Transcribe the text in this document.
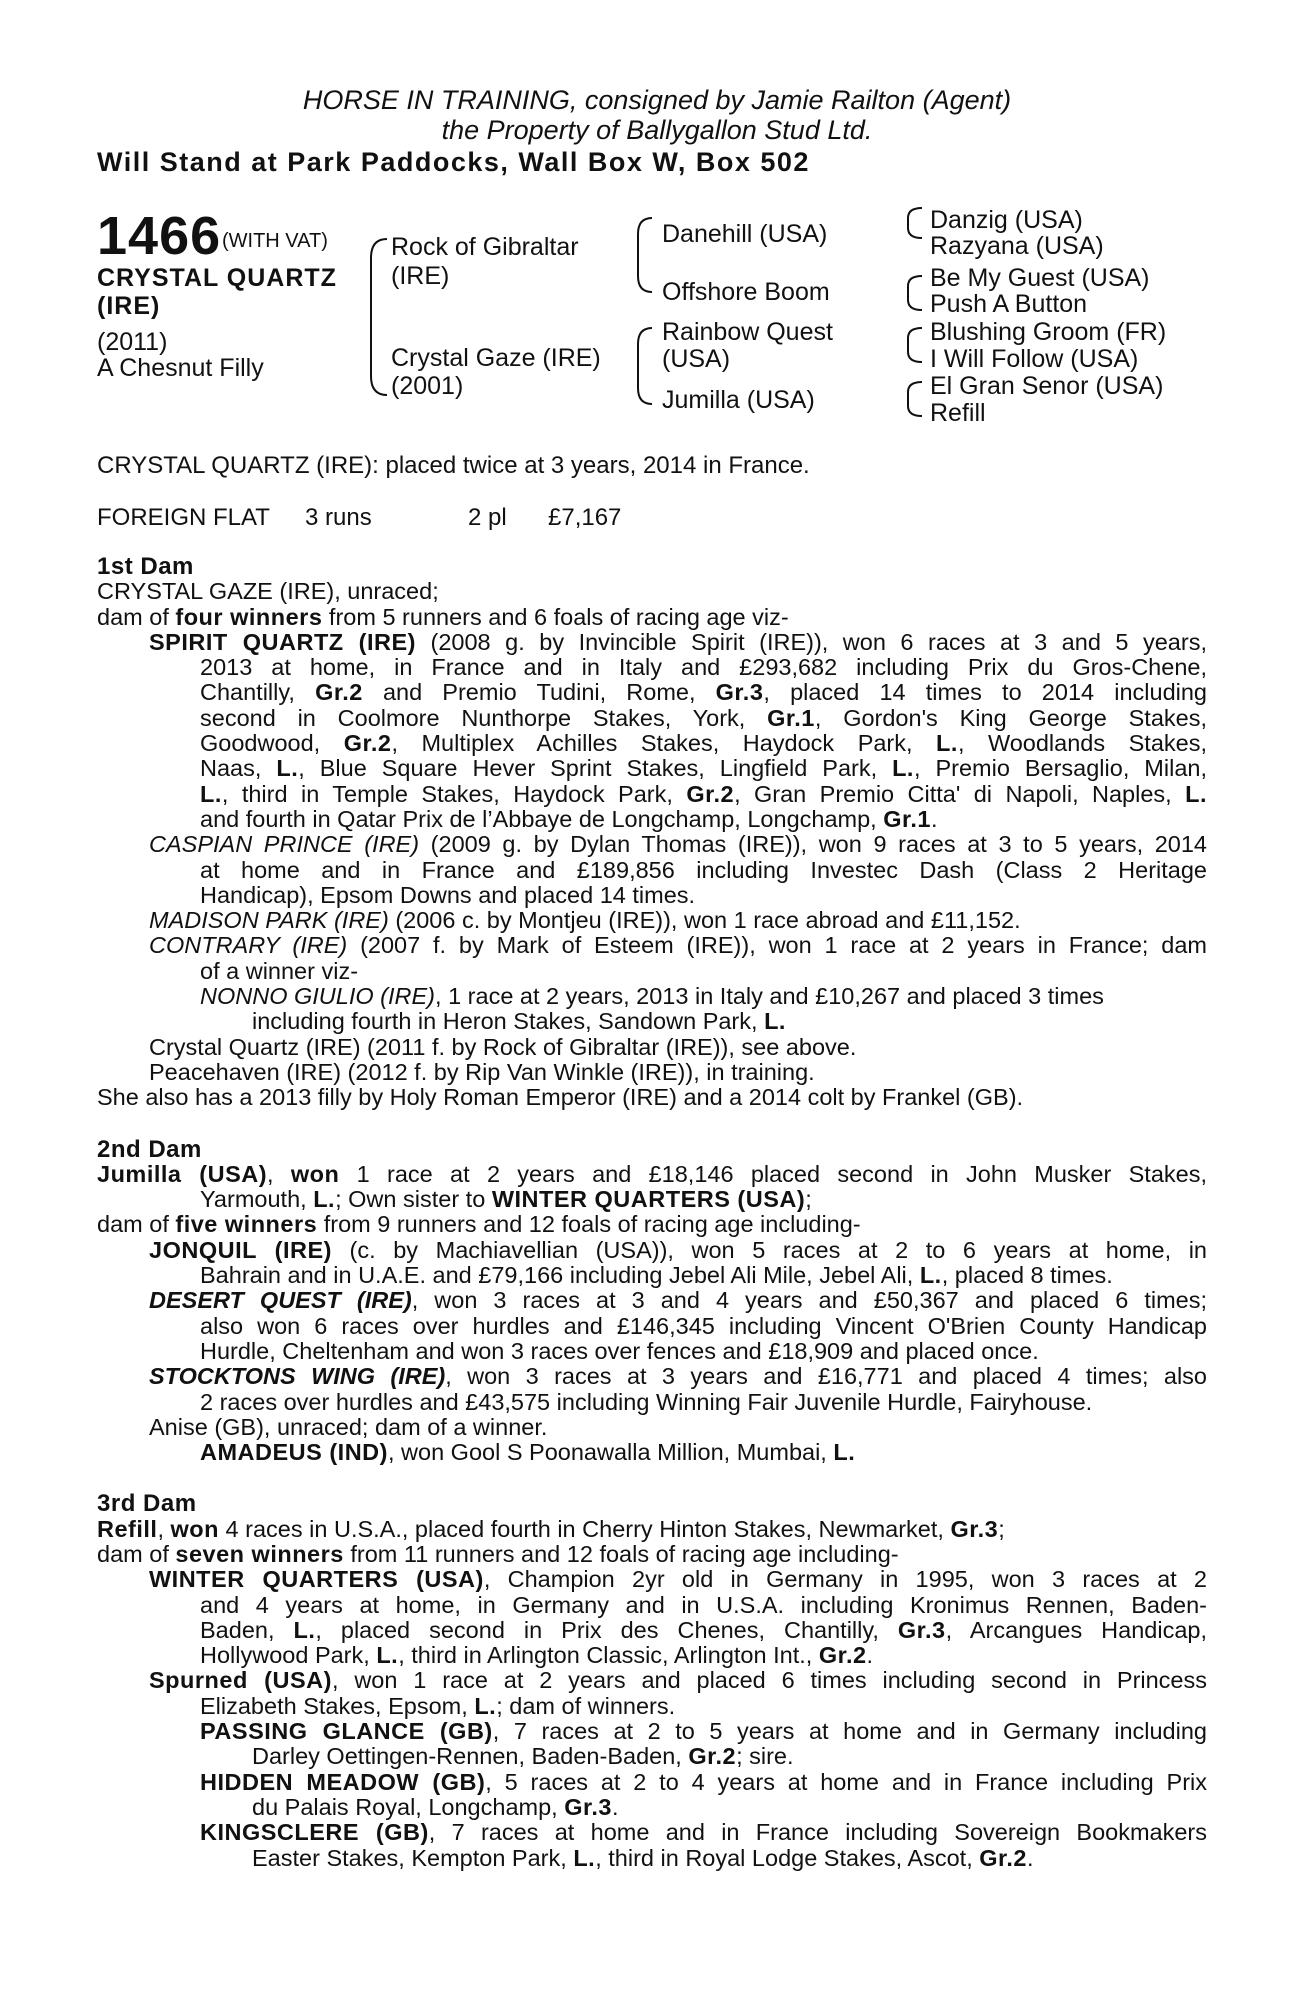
HORSE IN TRAINING, consigned by Jamie Railton (Agent)
the Property of Ballygallon Stud Ltd.
Will Stand at Park Paddocks, Wall Box W, Box 502
1466 (WITH VAT)
CRYSTAL QUARTZ
(IRE)
(2011)
A Chesnut Filly
Rock of Gibraltar
(IRE)
Crystal Gaze (IRE)
(2001)
Danehill (USA)
Offshore Boom
Rainbow Quest
(USA)
Jumilla (USA)
Danzig (USA)
Razyana (USA)
Be My Guest (USA)
Push A Button
Blushing Groom (FR)
I Will Follow (USA)
El Gran Senor (USA)
Refill
CRYSTAL QUARTZ (IRE): placed twice at 3 years, 2014 in France.
FOREIGN FLAT 3 runs	2 pl £7,167
1st Dam
CRYSTAL GAZE (IRE), unraced;
dam of four winners from 5 runners and 6 foals of racing age viz-
SPIRIT QUARTZ (IRE) (2008 g. by Invincible Spirit (IRE)), won 6 races at 3 and 5 years,
2013 at home, in France and in Italy and £293,682 including Prix du Gros-Chene,
Chantilly, Gr.2 and Premio Tudini, Rome, Gr.3, placed 14 times to 2014 including
second in Coolmore Nunthorpe Stakes, York, Gr.1, Gordon's King George Stakes,
Goodwood, Gr.2, Multiplex Achilles Stakes, Haydock Park, L., Woodlands Stakes,
Naas, L., Blue Square Hever Sprint Stakes, Lingfield Park, L., Premio Bersaglio, Milan,
L., third in Temple Stakes, Haydock Park, Gr.2, Gran Premio Citta' di Napoli, Naples, L.
and fourth in Qatar Prix de l’Abbaye de Longchamp, Longchamp, Gr.1.
CASPIAN PRINCE (IRE) (2009 g. by Dylan Thomas (IRE)), won 9 races at 3 to 5 years, 2014
at home and in France and £189,856 including Investec Dash (Class 2 Heritage
Handicap), Epsom Downs and placed 14 times.
MADISON PARK (IRE) (2006 c. by Montjeu (IRE)), won 1 race abroad and £11,152.
CONTRARY (IRE) (2007 f. by Mark of Esteem (IRE)), won 1 race at 2 years in France; dam
of a winner viz-
NONNO GIULIO (IRE), 1 race at 2 years, 2013 in Italy and £10,267 and placed 3 times
including fourth in Heron Stakes, Sandown Park, L.
Crystal Quartz (IRE) (2011 f. by Rock of Gibraltar (IRE)), see above.
Peacehaven (IRE) (2012 f. by Rip Van Winkle (IRE)), in training.
She also has a 2013 filly by Holy Roman Emperor (IRE) and a 2014 colt by Frankel (GB).
2nd Dam
Jumilla (USA), won 1 race at 2 years and £18,146 placed second in John Musker Stakes,
Yarmouth, L.; Own sister to WINTER QUARTERS (USA);
dam of five winners from 9 runners and 12 foals of racing age including-
JONQUIL (IRE) (c. by Machiavellian (USA)), won 5 races at 2 to 6 years at home, in
Bahrain and in U.A.E. and £79,166 including Jebel Ali Mile, Jebel Ali, L., placed 8 times.
DESERT QUEST (IRE), won 3 races at 3 and 4 years and £50,367 and placed 6 times;
also won 6 races over hurdles and £146,345 including Vincent O'Brien County Handicap
Hurdle, Cheltenham and won 3 races over fences and £18,909 and placed once.
STOCKTONS WING (IRE), won 3 races at 3 years and £16,771 and placed 4 times; also
2 races over hurdles and £43,575 including Winning Fair Juvenile Hurdle, Fairyhouse.
Anise (GB), unraced; dam of a winner.
AMADEUS (IND), won Gool S Poonawalla Million, Mumbai, L.
3rd Dam
Refill, won 4 races in U.S.A., placed fourth in Cherry Hinton Stakes, Newmarket, Gr.3;
dam of seven winners from 11 runners and 12 foals of racing age including-
WINTER QUARTERS (USA), Champion 2yr old in Germany in 1995, won 3 races at 2
and 4 years at home, in Germany and in U.S.A. including Kronimus Rennen, Baden-
Baden, L., placed second in Prix des Chenes, Chantilly, Gr.3, Arcangues Handicap,
Hollywood Park, L., third in Arlington Classic, Arlington Int., Gr.2.
Spurned (USA), won 1 race at 2 years and placed 6 times including second in Princess
Elizabeth Stakes, Epsom, L.; dam of winners.
PASSING GLANCE (GB), 7 races at 2 to 5 years at home and in Germany including
Darley Oettingen-Rennen, Baden-Baden, Gr.2; sire.
HIDDEN MEADOW (GB), 5 races at 2 to 4 years at home and in France including Prix
du Palais Royal, Longchamp, Gr.3.
KINGSCLERE (GB), 7 races at home and in France including Sovereign Bookmakers
Easter Stakes, Kempton Park, L., third in Royal Lodge Stakes, Ascot, Gr.2.
